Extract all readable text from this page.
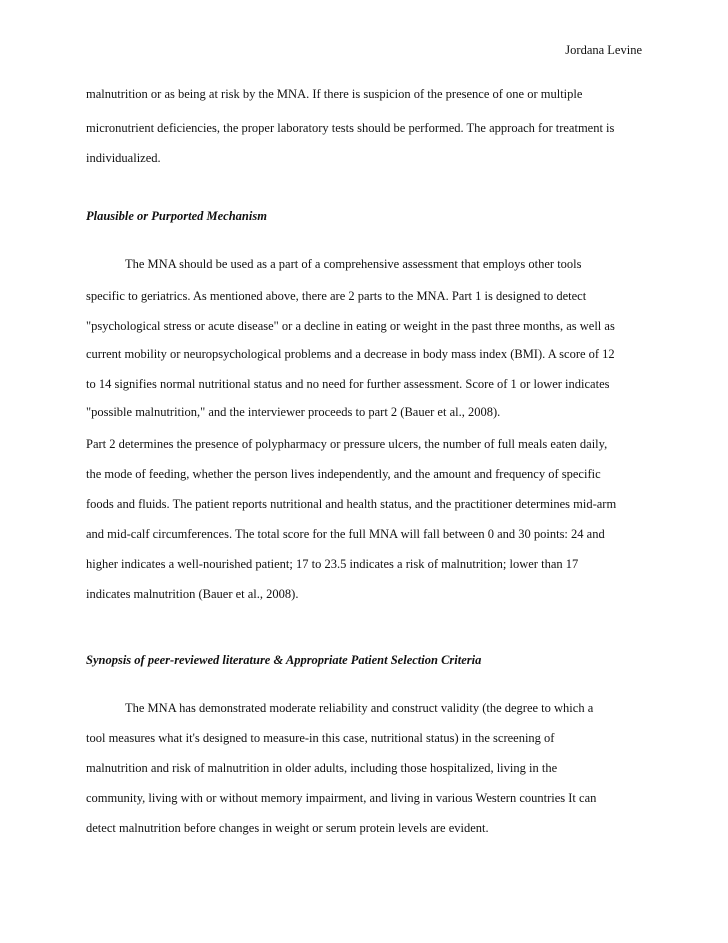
Jordana Levine

malnutrition or as being at risk by the MNA. If there is suspicion of the presence of one or multiple

micronutrient deficiencies, the proper laboratory tests should be performed. The approach for treatment is

individualized.

Plausible or Purported Mechanism

The MNA should be used as a part of a comprehensive assessment that employs other tools

specific to geriatrics. As mentioned above, there are 2 parts to the MNA. Part 1 is designed to detect

"psychological stress or acute disease" or a decline in eating or weight in the past three months, as well as

current mobility or neuropsychological problems and a decrease in body mass index (BMI). A score of 12

to 14 signifies normal nutritional status and no need for further assessment. Score of 1 or lower indicates

"possible malnutrition," and the interviewer proceeds to part 2 (Bauer et al., 2008).

Part 2 determines the presence of polypharmacy or pressure ulcers, the number of full meals eaten daily,

the mode of feeding, whether the person lives independently, and the amount and frequency of specific

foods and fluids. The patient reports nutritional and health status, and the practitioner determines mid-arm

and mid-calf circumferences. The total score for the full MNA will fall between 0 and 30 points: 24 and

higher indicates a well-nourished patient; 17 to 23.5 indicates a risk of malnutrition; lower than 17

indicates malnutrition (Bauer et al., 2008).

Synopsis of peer-reviewed literature & Appropriate Patient Selection Criteria

The MNA has demonstrated moderate reliability and construct validity (the degree to which a

tool measures what it's designed to measure-in this case, nutritional status) in the screening of

malnutrition and risk of malnutrition in older adults, including those hospitalized, living in the

community, living with or without memory impairment, and living in various Western countries It can

detect malnutrition before changes in weight or serum protein levels are evident.
